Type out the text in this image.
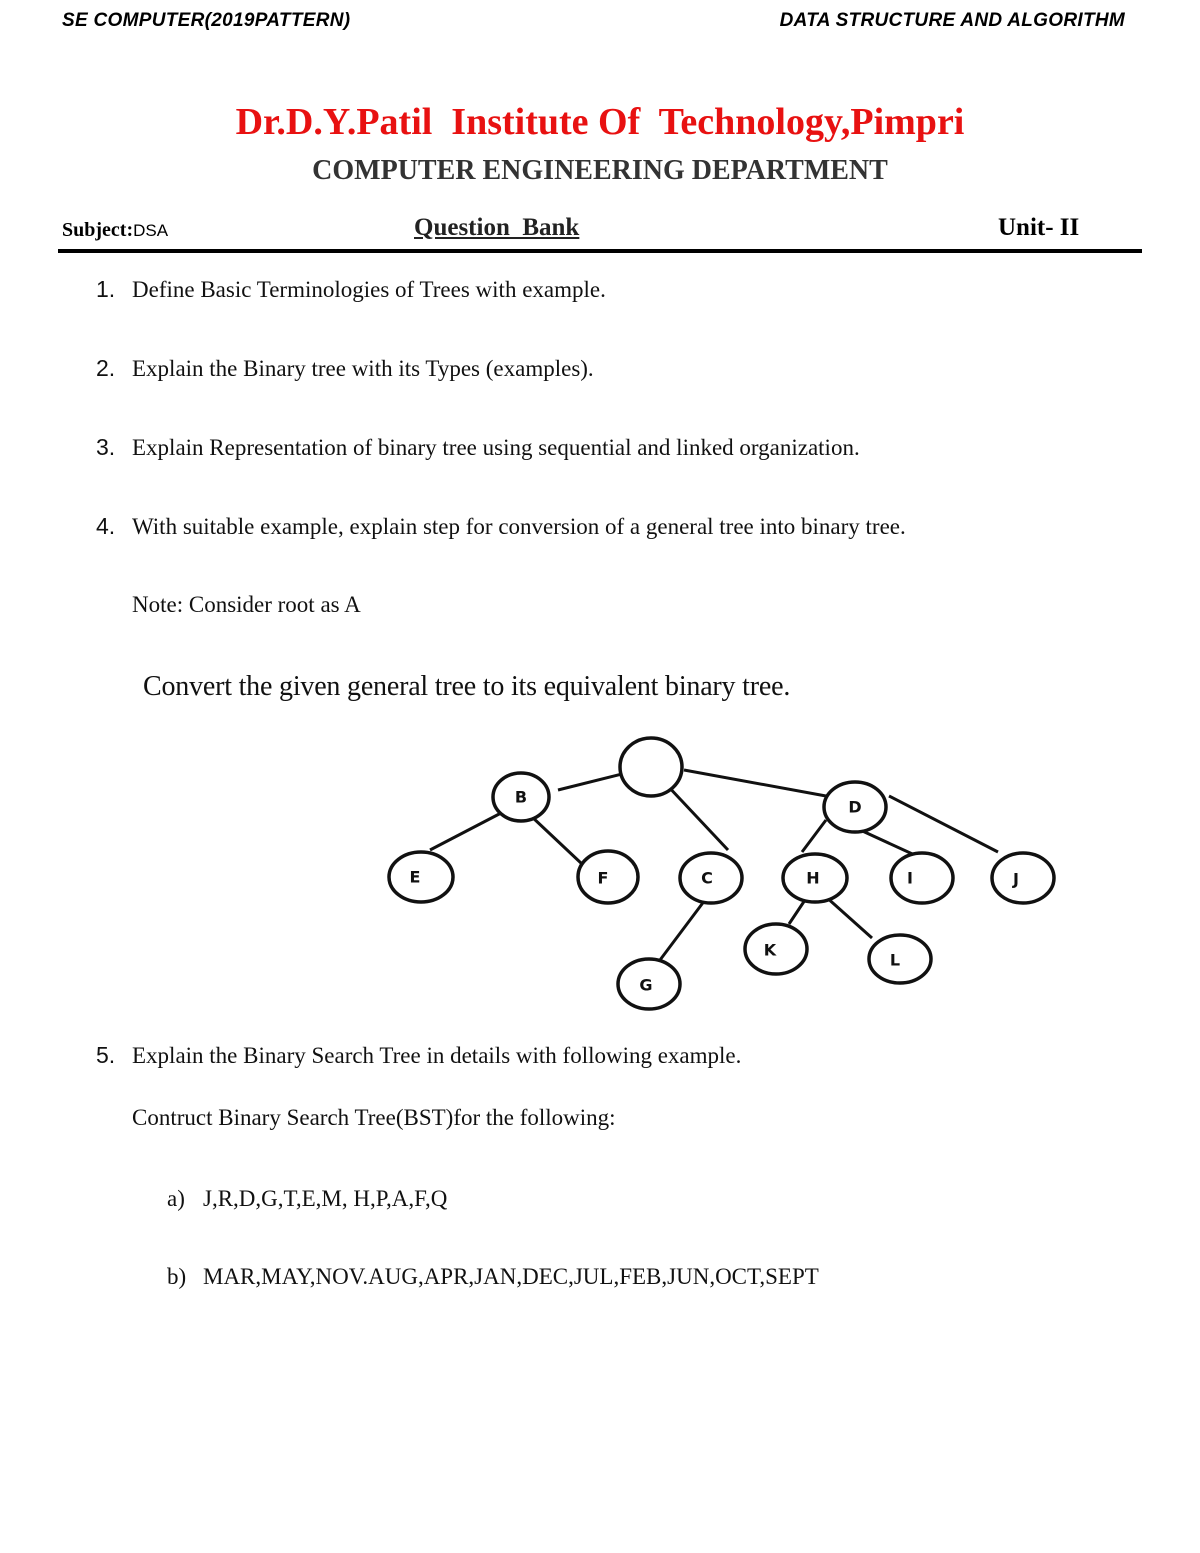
SE COMPUTER(2019PATTERN)	DATA STRUCTURE AND ALGORITHM
Dr.D.Y.Patil  Institute Of  Technology,Pimpri
COMPUTER ENGINEERING DEPARTMENT
Subject:DSA	Question  Bank	Unit- II
1. Define Basic Terminologies of Trees with example.
2. Explain the Binary tree with its Types (examples).
3. Explain Representation of binary tree using sequential and linked organization.
4. With suitable example, explain step for conversion of a general tree into binary tree.
Note: Consider root as A
Convert the given general tree to its equivalent binary tree.
B
D
E	F	C	H	I	J
K
L
G
5. Explain the Binary Search Tree in details with following example.
Contruct Binary Search Tree(BST)for the following:
a) J,R,D,G,T,E,M, H,P,A,F,Q
b) MAR,MAY,NOV.AUG,APR,JAN,DEC,JUL,FEB,JUN,OCT,SEPT
